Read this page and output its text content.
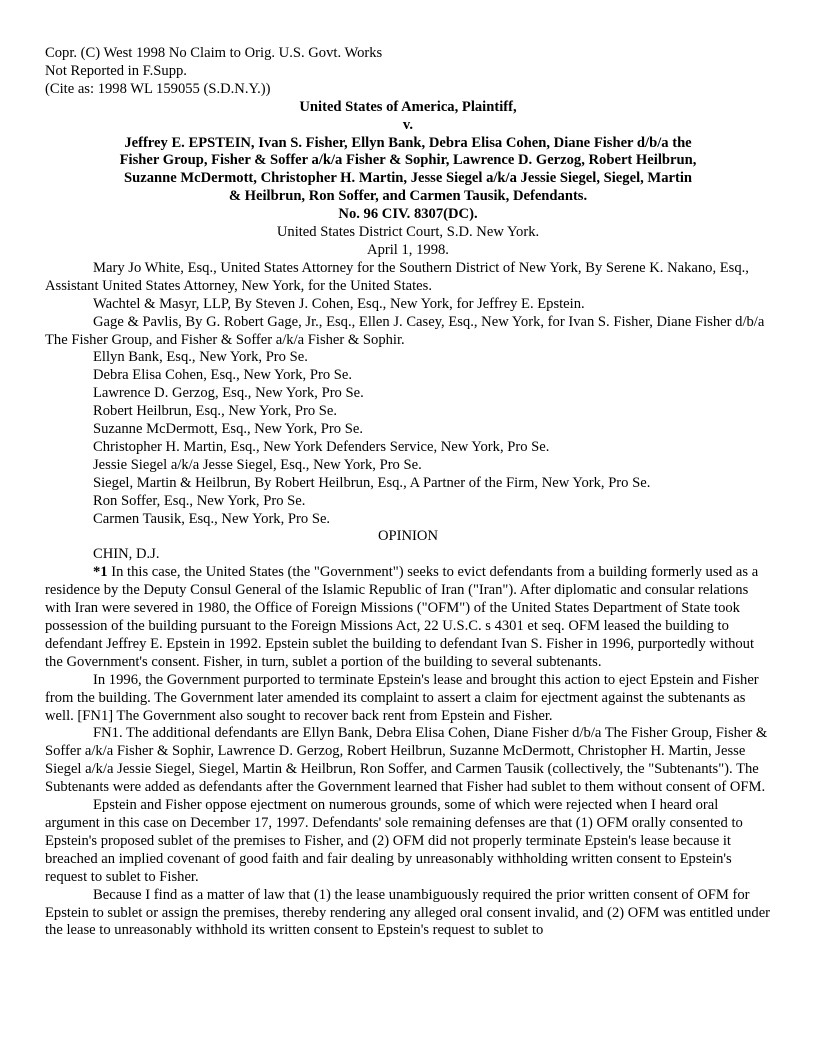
Copr. (C) West 1998 No Claim to Orig. U.S. Govt. Works
Not Reported in F.Supp.
(Cite as: 1998 WL 159055 (S.D.N.Y.))
United States of America, Plaintiff,
v.
Jeffrey E. EPSTEIN, Ivan S. Fisher, Ellyn Bank, Debra Elisa Cohen, Diane Fisher d/b/a the Fisher Group, Fisher & Soffer a/k/a Fisher & Sophir, Lawrence D. Gerzog, Robert Heilbrun, Suzanne McDermott, Christopher H. Martin, Jesse Siegel a/k/a Jessie Siegel, Siegel, Martin & Heilbrun, Ron Soffer, and Carmen Tausik, Defendants.
No. 96 CIV. 8307(DC).
United States District Court, S.D. New York.
April 1, 1998.

Mary Jo White, Esq., United States Attorney for the Southern District of New York, By Serene K. Nakano, Esq., Assistant United States Attorney, New York, for the United States.

Wachtel & Masyr, LLP, By Steven J. Cohen, Esq., New York, for Jeffrey E. Epstein.

Gage & Pavlis, By G. Robert Gage, Jr., Esq., Ellen J. Casey, Esq., New York, for Ivan S. Fisher, Diane Fisher d/b/a The Fisher Group, and Fisher & Soffer a/k/a Fisher & Sophir.

Ellyn Bank, Esq., New York, Pro Se.

Debra Elisa Cohen, Esq., New York, Pro Se.

Lawrence D. Gerzog, Esq., New York, Pro Se.

Robert Heilbrun, Esq., New York, Pro Se.

Suzanne McDermott, Esq., New York, Pro Se.

Christopher H. Martin, Esq., New York Defenders Service, New York, Pro Se.

Jessie Siegel a/k/a Jesse Siegel, Esq., New York, Pro Se.

Siegel, Martin & Heilbrun, By Robert Heilbrun, Esq., A Partner of the Firm, New York, Pro Se.

Ron Soffer, Esq., New York, Pro Se.

Carmen Tausik, Esq., New York, Pro Se.

OPINION

CHIN, D.J.

*1 In this case, the United States (the "Government") seeks to evict defendants from a building formerly used as a residence by the Deputy Consul General of the Islamic Republic of Iran ("Iran"). After diplomatic and consular relations with Iran were severed in 1980, the Office of Foreign Missions ("OFM") of the United States Department of State took possession of the building pursuant to the Foreign Missions Act, 22 U.S.C. s 4301 et seq. OFM leased the building to defendant Jeffrey E. Epstein in 1992. Epstein sublet the building to defendant Ivan S. Fisher in 1996, purportedly without the Government's consent. Fisher, in turn, sublet a portion of the building to several subtenants.

In 1996, the Government purported to terminate Epstein's lease and brought this action to eject Epstein and Fisher from the building. The Government later amended its complaint to assert a claim for ejectment against the subtenants as well. [FN1] The Government also sought to recover back rent from Epstein and Fisher.

FN1. The additional defendants are Ellyn Bank, Debra Elisa Cohen, Diane Fisher d/b/a The Fisher Group, Fisher & Soffer a/k/a Fisher & Sophir, Lawrence D. Gerzog, Robert Heilbrun, Suzanne McDermott, Christopher H. Martin, Jesse Siegel a/k/a Jessie Siegel, Siegel, Martin & Heilbrun, Ron Soffer, and Carmen Tausik (collectively, the "Subtenants"). The Subtenants were added as defendants after the Government learned that Fisher had sublet to them without consent of OFM.

Epstein and Fisher oppose ejectment on numerous grounds, some of which were rejected when I heard oral argument in this case on December 17, 1997. Defendants' sole remaining defenses are that (1) OFM orally consented to Epstein's proposed sublet of the premises to Fisher, and (2) OFM did not properly terminate Epstein's lease because it breached an implied covenant of good faith and fair dealing by unreasonably withholding written consent to Epstein's request to sublet to Fisher.

Because I find as a matter of law that (1) the lease unambiguously required the prior written consent of OFM for Epstein to sublet or assign the premises, thereby rendering any alleged oral consent invalid, and (2) OFM was entitled under the lease to unreasonably withhold its written consent to Epstein's request to sublet to
